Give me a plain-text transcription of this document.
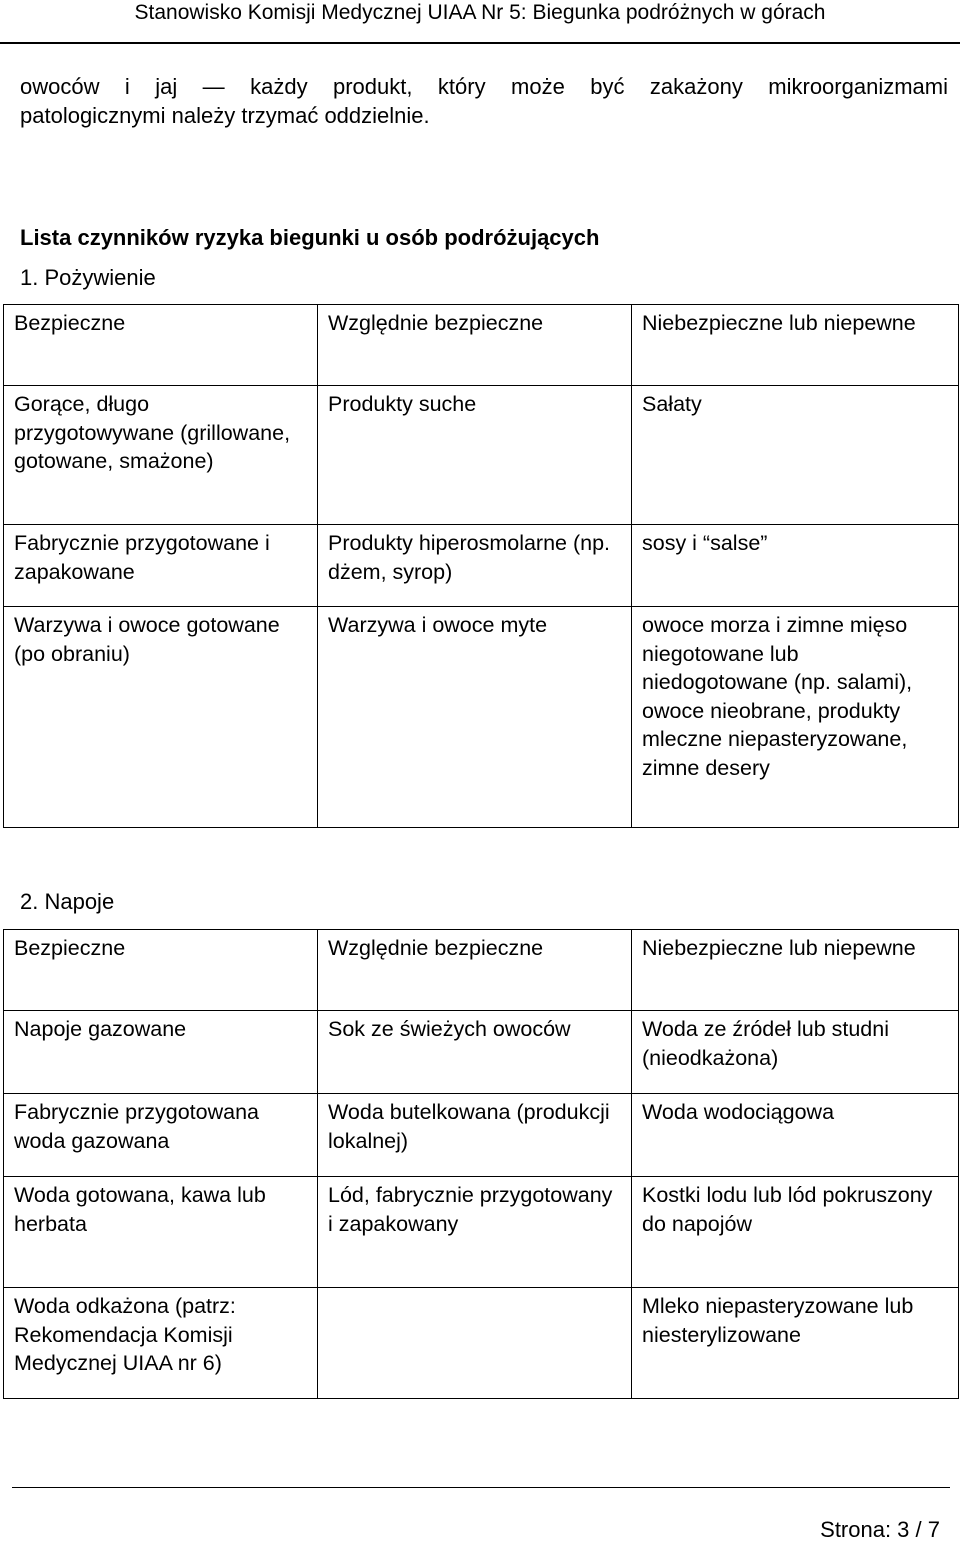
Stanowisko Komisji Medycznej UIAA Nr 5: Biegunka podróżnych w górach
owoców i jaj — każdy produkt, który może być zakażony mikroorganizmami
patologicznymi należy trzymać oddzielnie.
Lista czynników ryzyka biegunki u osób podróżujących
1. Pożywienie
Bezpieczne	Względnie bezpieczne	Niebezpieczne lub niepewne
Gorące, długo przygotowywane (grillowane, gotowane, smażone)	Produkty suche	Sałaty
Fabrycznie przygotowane i zapakowane	Produkty hiperosmolarne (np. dżem, syrop)	sosy i “salse”
Warzywa i owoce gotowane (po obraniu)	Warzywa i owoce myte	owoce morza i zimne mięso niegotowane lub niedogotowane (np. salami), owoce nieobrane, produkty mleczne niepasteryzowane, zimne desery
2. Napoje
Bezpieczne	Względnie bezpieczne	Niebezpieczne lub niepewne
Napoje gazowane	Sok ze świeżych owoców	Woda ze źródeł lub studni (nieodkażona)
Fabrycznie przygotowana woda gazowana	Woda butelkowana (produkcji lokalnej)	Woda wodociągowa
Woda gotowana, kawa lub herbata	Lód, fabrycznie przygotowany i zapakowany	Kostki lodu lub lód pokruszony do napojów
Woda odkażona (patrz: Rekomendacja Komisji Medycznej UIAA nr 6)		Mleko niepasteryzowane lub niesterylizowane
Strona: 3 / 7
